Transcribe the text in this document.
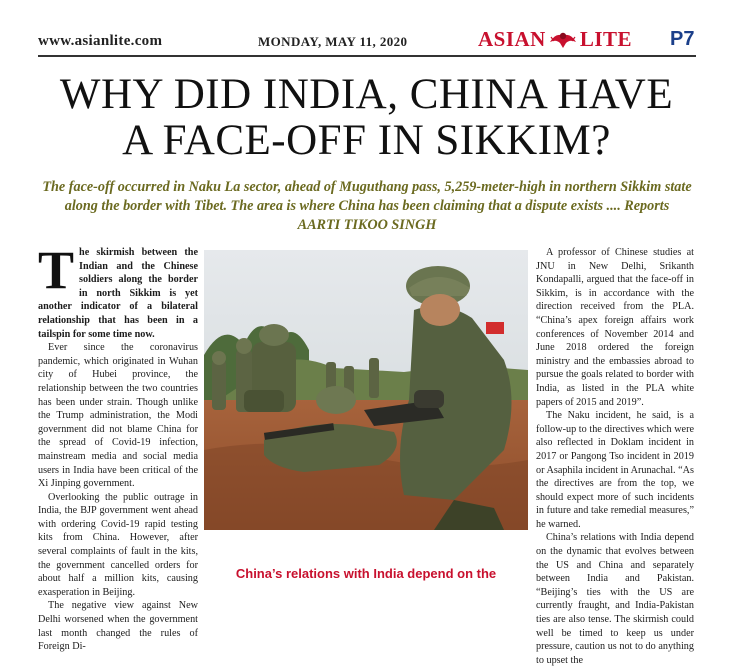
www.asianlite.com	MONDAY, MAY 11, 2020	ASIAN LITE P7
WHY DID INDIA, CHINA HAVE
A FACE-OFF IN SIKKIM?

The face-off occurred in Naku La sector, ahead of Muguthang pass, 5,259-meter-high in northern Sikkim state along the border with Tibet. The area is where China has been claiming that a dispute exists .... Reports AARTI TIKOO SINGH

The skirmish between the Indian and the Chinese soldiers along the border in north Sikkim is yet another indicator of a bilateral relationship that has been in a tailspin for some time now.

Ever since the coronavirus pandemic, which originated in Wuhan city of Hubei province, the relationship between the two countries has been under strain. Though unlike the Trump administration, the Modi government did not blame China for the spread of Covid-19 infection, mainstream media and social media users in India have been critical of the Xi Jinping government.

Overlooking the public outrage in India, the BJP government went ahead with ordering Covid-19 rapid testing kits from China. However, after several complaints of fault in the kits, the government cancelled orders for about half a million kits, causing exasperation in Beijing.

The negative view against New Delhi worsened when the government last month changed the rules of Foreign Di-

A professor of Chinese studies at JNU in New Delhi, Srikanth Kondapalli, argued that the face-off in Sikkim, is in accordance with the direction received from the PLA. “China’s apex foreign affairs work conferences of November 2014 and June 2018 ordered the foreign ministry and the embassies abroad to pursue the goals related to border with India, as listed in the PLA white papers of 2015 and 2019”.

The Naku incident, he said, is a follow-up to the directives which were also reflected in Doklam incident in 2017 or Pangong Tso incident in 2019 or Asaphila incident in Arunachal. “As the directives are from the top, we should expect more of such incidents in future and take remedial measures,” he warned.

China’s relations with India depend on the dynamic that evolves between the US and China and separately between India and Pakistan. “Beijing’s ties with the US are currently fraught, and India-Pakistan ties are also tense. The skirmish could well be timed to keep us under pressure, caution us not to do anything to upset the

China’s relations with India depend on the
